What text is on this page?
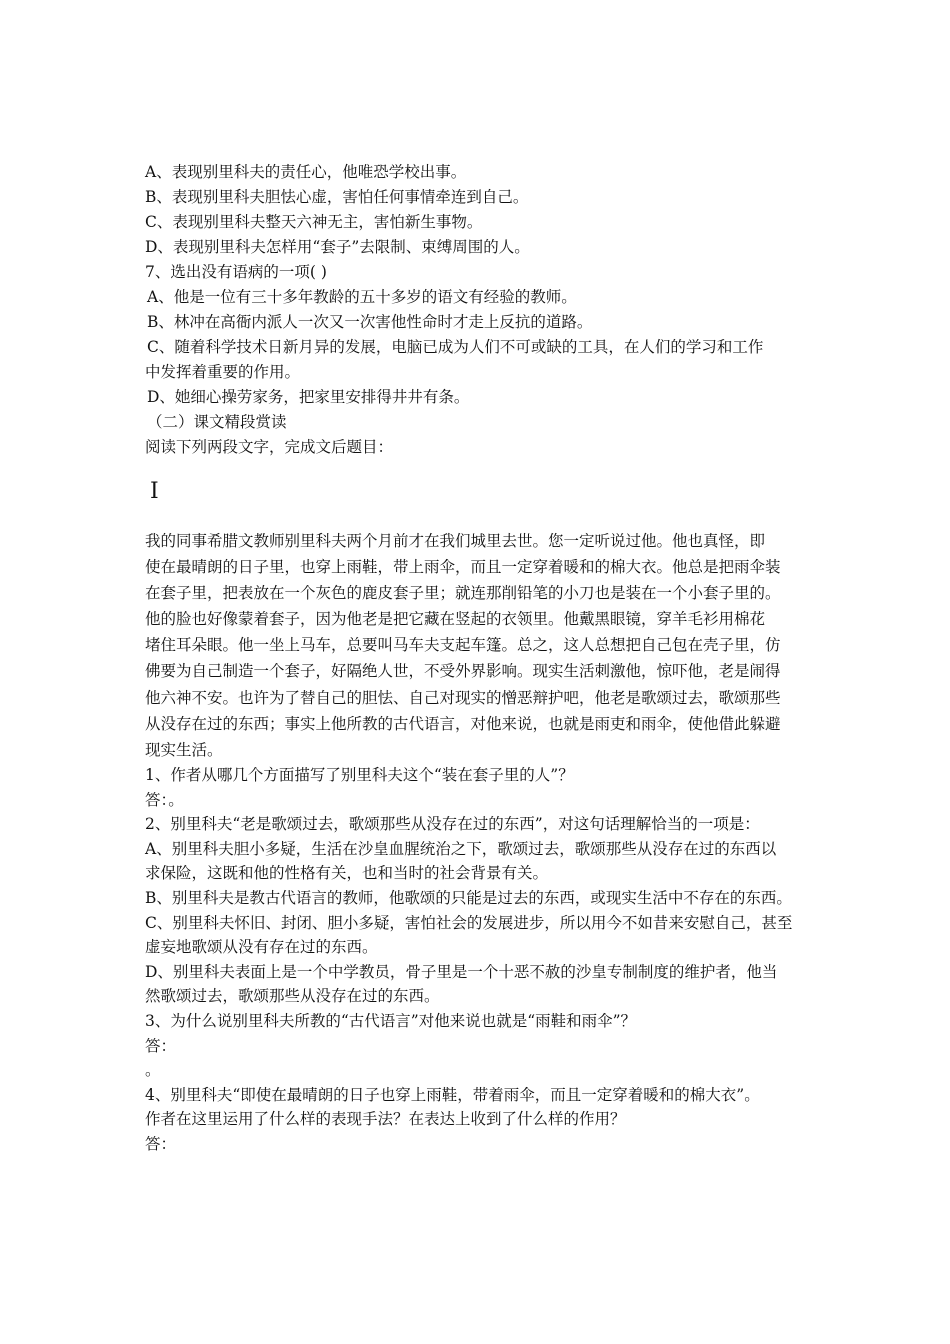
A、表现别里科夫的责任心，他唯恐学校出事。
B、表现别里科夫胆怯心虚，害怕任何事情牵连到自己。
C、表现别里科夫整天六神无主，害怕新生事物。
D、表现别里科夫怎样用“套子”去限制、束缚周围的人。
7、选出没有语病的一项( )
A、他是一位有三十多年教龄的五十多岁的语文有经验的教师。
B、林冲在高衙内派人一次又一次害他性命时才走上反抗的道路。
C、随着科学技术日新月异的发展，电脑已成为人们不可或缺的工具，在人们的学习和工作
中发挥着重要的作用。
D、她细心操劳家务，把家里安排得井井有条。
（二）课文精段赏读
阅读下列两段文字，完成文后题目：
I
我的同事希腊文教师别里科夫两个月前才在我们城里去世。您一定听说过他。他也真怪，即
使在最晴朗的日子里，也穿上雨鞋，带上雨伞，而且一定穿着暖和的棉大衣。他总是把雨伞装
在套子里，把表放在一个灰色的鹿皮套子里；就连那削铅笔的小刀也是装在一个小套子里的。
他的脸也好像蒙着套子，因为他老是把它藏在竖起的衣领里。他戴黑眼镜，穿羊毛衫用棉花
堵住耳朵眼。他一坐上马车，总要叫马车夫支起车篷。总之，这人总想把自己包在壳子里，仿
佛要为自己制造一个套子，好隔绝人世，不受外界影响。现实生活刺激他，惊吓他，老是闹得
他六神不安。也许为了替自己的胆怯、自己对现实的憎恶辩护吧，他老是歌颂过去，歌颂那些
从没存在过的东西；事实上他所教的古代语言，对他来说，也就是雨吏和雨伞，使他借此躲避
现实生活。
1、作者从哪几个方面描写了别里科夫这个“装在套子里的人”？
答：。
2、别里科夫“老是歌颂过去，歌颂那些从没存在过的东西”，对这句话理解恰当的一项是：
A、别里科夫胆小多疑，生活在沙皇血腥统治之下，歌颂过去，歌颂那些从没存在过的东西以
求保险，这既和他的性格有关，也和当时的社会背景有关。
B、别里科夫是教古代语言的教师，他歌颂的只能是过去的东西，或现实生活中不存在的东西。
C、别里科夫怀旧、封闭、胆小多疑，害怕社会的发展进步，所以用今不如昔来安慰自己，甚至
虚妄地歌颂从没有存在过的东西。
D、别里科夫表面上是一个中学教员，骨子里是一个十恶不赦的沙皇专制制度的维护者，他当
然歌颂过去，歌颂那些从没存在过的东西。
3、为什么说别里科夫所教的“古代语言”对他来说也就是“雨鞋和雨伞”？
答：
。
4、别里科夫“即使在最晴朗的日子也穿上雨鞋，带着雨伞，而且一定穿着暖和的棉大衣”。
作者在这里运用了什么样的表现手法？在表达上收到了什么样的作用？
答：
